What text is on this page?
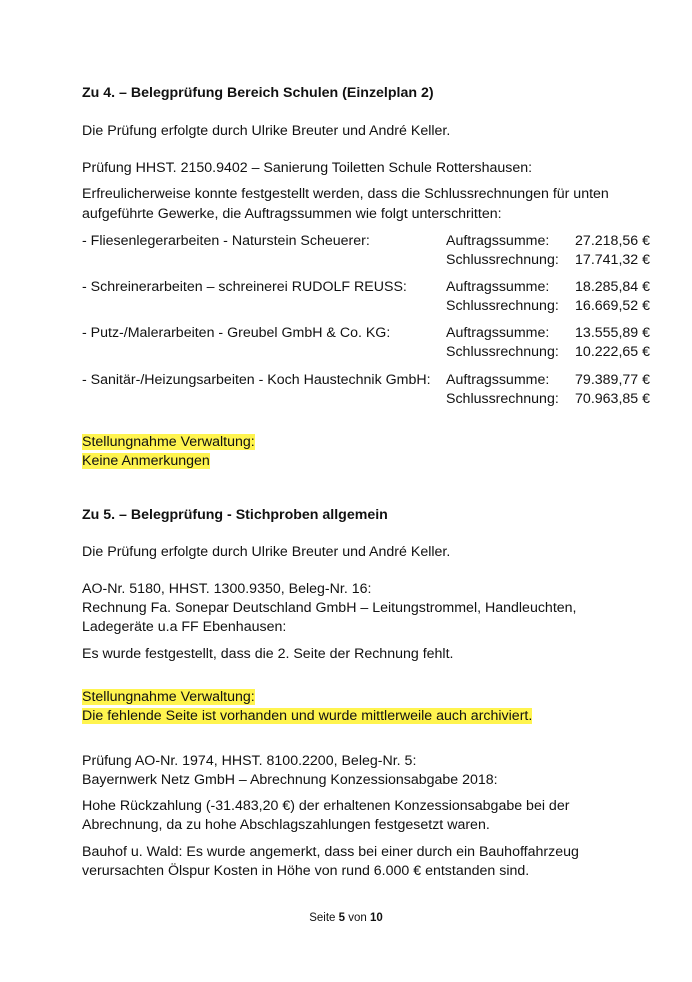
Zu 4. – Belegprüfung Bereich Schulen (Einzelplan 2)
Die Prüfung erfolgte durch Ulrike Breuter und André Keller.
Prüfung HHST. 2150.9402 – Sanierung Toiletten Schule Rottershausen:
Erfreulicherweise konnte festgestellt werden, dass die Schlussrechnungen für unten
aufgeführte Gewerke, die Auftragssummen wie folgt unterschritten:
- Fliesenlegerarbeiten - Naturstein Scheuerer:	Auftragssumme: 27.218,56 €
Schlussrechnung: 17.741,32 €
- Schreinerarbeiten – schreinerei RUDOLF REUSS:	Auftragssumme: 18.285,84 €
Schlussrechnung: 16.669,52 €
- Putz-/Malerarbeiten - Greubel GmbH & Co. KG:	Auftragssumme: 13.555,89 €
Schlussrechnung: 10.222,65 €
- Sanitär-/Heizungsarbeiten - Koch Haustechnik GmbH: Auftragssumme: 79.389,77 €
Schlussrechnung: 70.963,85 €
Stellungnahme Verwaltung:
Keine Anmerkungen
Zu 5. – Belegprüfung - Stichproben allgemein
Die Prüfung erfolgte durch Ulrike Breuter und André Keller.
AO-Nr. 5180, HHST. 1300.9350, Beleg-Nr. 16:
Rechnung Fa. Sonepar Deutschland GmbH – Leitungstrommel, Handleuchten,
Ladegeräte u.a FF Ebenhausen:
Es wurde festgestellt, dass die 2. Seite der Rechnung fehlt.
Stellungnahme Verwaltung:
Die fehlende Seite ist vorhanden und wurde mittlerweile auch archiviert.
Prüfung AO-Nr. 1974, HHST. 8100.2200, Beleg-Nr. 5:
Bayernwerk Netz GmbH – Abrechnung Konzessionsabgabe 2018:
Hohe Rückzahlung (-31.483,20 €) der erhaltenen Konzessionsabgabe bei der
Abrechnung, da zu hohe Abschlagszahlungen festgesetzt waren.
Bauhof u. Wald: Es wurde angemerkt, dass bei einer durch ein Bauhoffahrzeug
verursachten Ölspur Kosten in Höhe von rund 6.000 € entstanden sind.
Seite 5 von 10
